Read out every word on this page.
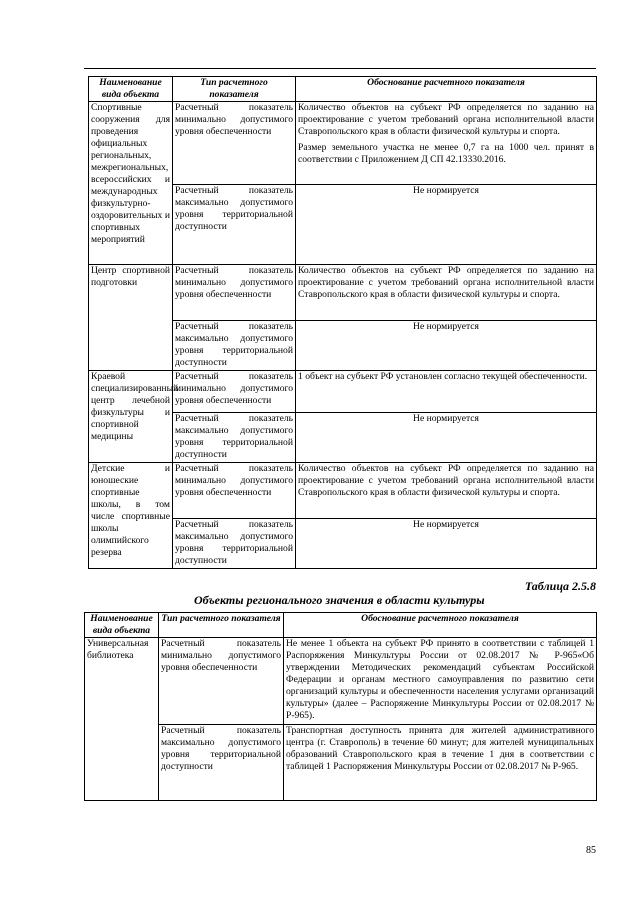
Наименование вида объекта	Тип расчетного показателя	Обоснование расчетного показателя
Спортивные сооружения для проведения официальных региональных, межрегиональных, всероссийских и международных физкультурно-оздоровительных и спортивных мероприятий	Расчетный показатель минимально допустимого уровня обеспеченности	Количество объектов на субъект РФ определяется по заданию на проектирование с учетом требований органа исполнительной власти Ставропольского края в области физической культуры и спорта.

Размер земельного участка не менее 0,7 га на 1000 чел. принят в соответствии с Приложением Д СП 42.13330.2016.

	Расчетный показатель максимально допустимого уровня территориальной доступности	Не нормируется
Центр спортивной подготовки	Расчетный показатель минимально допустимого уровня обеспеченности	Количество объектов на субъект РФ определяется по заданию на проектирование с учетом требований органа исполнительной власти Ставропольского края в области физической культуры и спорта.
	Расчетный показатель максимально допустимого уровня территориальной доступности	Не нормируется
Краевой специализированный центр лечебной физкультуры и спортивной медицины	Расчетный показатель минимально допустимого уровня обеспеченности	1 объект на субъект РФ установлен согласно текущей обеспеченности.
	Расчетный показатель максимально допустимого уровня территориальной доступности	Не нормируется
Детские и юношеские спортивные школы, в том числе спортивные школы олимпийского резерва	Расчетный показатель минимально допустимого уровня обеспеченности	Количество объектов на субъект РФ определяется по заданию на проектирование с учетом требований органа исполнительной власти Ставропольского края в области физической культуры и спорта.
	Расчетный показатель максимально допустимого уровня территориальной доступности	Не нормируется
Таблица 2.5.8
Объекты регионального значения в области культуры
Наименование вида объекта	Тип расчетного показателя	Обоснование расчетного показателя
Универсальная библиотека	Расчетный показатель минимально допустимого уровня обеспеченности	Не менее 1 объекта на субъект РФ принято в соответствии с таблицей 1 Распоряжения Минкультуры России от 02.08.2017 № Р-965«Об утверждении Методических рекомендаций субъектам Российской Федерации и органам местного самоуправления по развитию сети организаций культуры и обеспеченности населения услугами организаций культуры» (далее – Распоряжение Минкультуры России от 02.08.2017 № Р-965).
	Расчетный показатель максимально допустимого уровня территориальной доступности	Транспортная доступность принята для жителей административного центра (г. Ставрополь) в течение 60 минут; для жителей муниципальных образований Ставропольского края в течение 1 дня в соответствии с таблицей 1 Распоряжения Минкультуры России от 02.08.2017 № Р-965.
85
